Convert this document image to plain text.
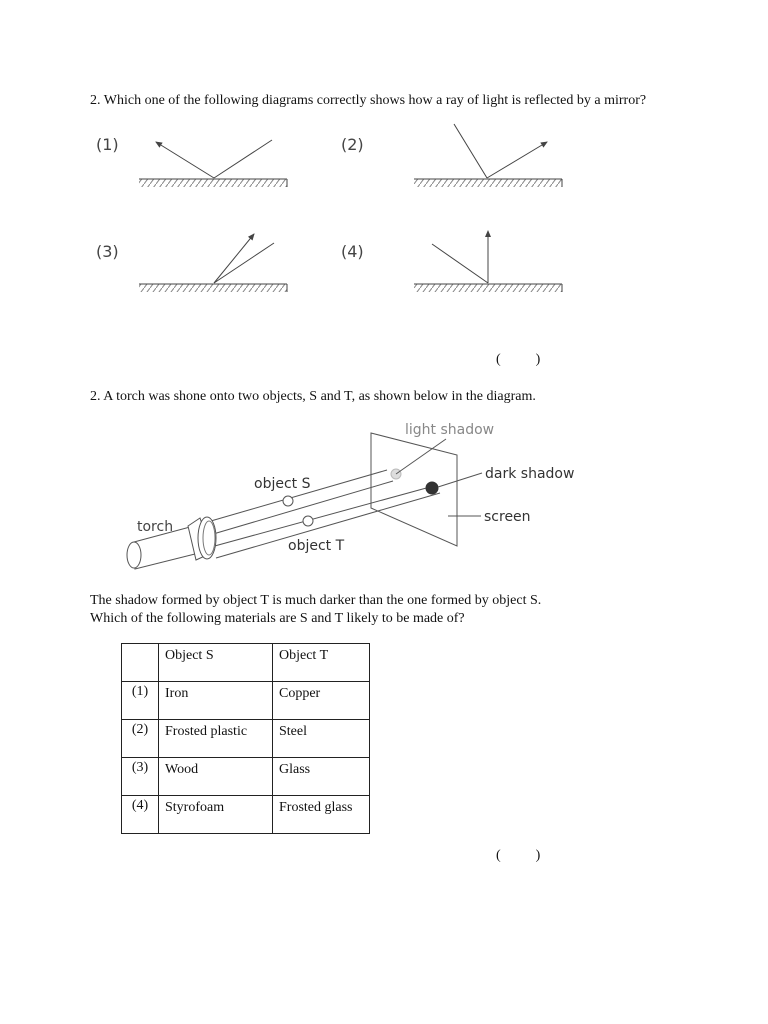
2. Which one of the following diagrams correctly shows how a ray of light is reflected by a mirror?
(1)	(2)
(3)	(4)
(          )
2. A torch was shone onto two objects, S and T, as shown below in the diagram.
light shadow
dark shadow
screen
object S
object T
torch
The shadow formed by object T is much darker than the one formed by object S.
Which of the following materials are S and T likely to be made of?
	Object S	Object T
(1)	Iron	Copper
(2)	Frosted plastic	Steel
(3)	Wood	Glass
(4)	Styrofoam	Frosted glass
(          )
